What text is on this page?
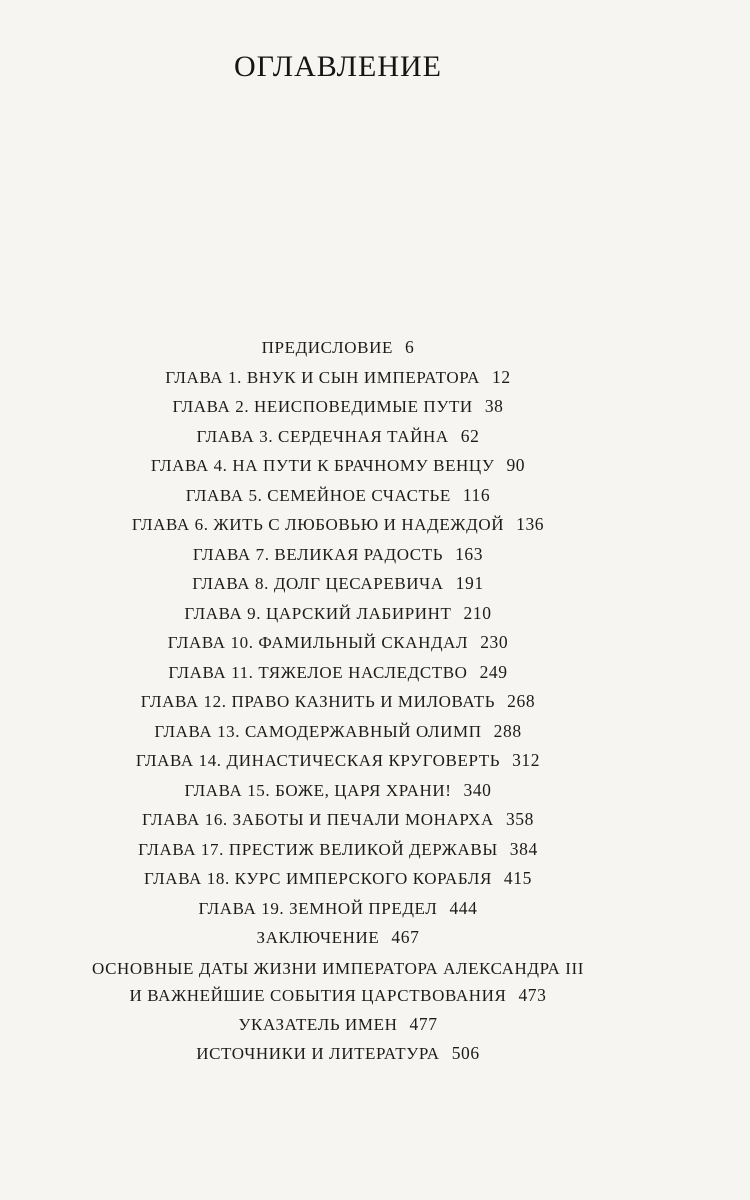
ОГЛАВЛЕНИЕ
ПРЕДИСЛОВИЕ 6
ГЛАВА 1. ВНУК И СЫН ИМПЕРАТОРА 12
ГЛАВА 2. НЕИСПОВЕДИМЫЕ ПУТИ 38
ГЛАВА 3. СЕРДЕЧНАЯ ТАЙНА 62
ГЛАВА 4. НА ПУТИ К БРАЧНОМУ ВЕНЦУ 90
ГЛАВА 5. СЕМЕЙНОЕ СЧАСТЬЕ 116
ГЛАВА 6. ЖИТЬ С ЛЮБОВЬЮ И НАДЕЖДОЙ 136
ГЛАВА 7. ВЕЛИКАЯ РАДОСТЬ 163
ГЛАВА 8. ДОЛГ ЦЕСАРЕВИЧА 191
ГЛАВА 9. ЦАРСКИЙ ЛАБИРИНТ 210
ГЛАВА 10. ФАМИЛЬНЫЙ СКАНДАЛ 230
ГЛАВА 11. ТЯЖЕЛОЕ НАСЛЕДСТВО 249
ГЛАВА 12. ПРАВО КАЗНИТЬ И МИЛОВАТЬ 268
ГЛАВА 13. САМОДЕРЖАВНЫЙ ОЛИМП 288
ГЛАВА 14. ДИНАСТИЧЕСКАЯ КРУГОВЕРТЬ 312
ГЛАВА 15. БОЖЕ, ЦАРЯ ХРАНИ! 340
ГЛАВА 16. ЗАБОТЫ И ПЕЧАЛИ МОНАРХА 358
ГЛАВА 17. ПРЕСТИЖ ВЕЛИКОЙ ДЕРЖАВЫ 384
ГЛАВА 18. КУРС ИМПЕРСКОГО КОРАБЛЯ 415
ГЛАВА 19. ЗЕМНОЙ ПРЕДЕЛ 444
ЗАКЛЮЧЕНИЕ 467
ОСНОВНЫЕ ДАТЫ ЖИЗНИ ИМПЕРАТОРА АЛЕКСАНДРА III
И ВАЖНЕЙШИЕ СОБЫТИЯ ЦАРСТВОВАНИЯ 473
УКАЗАТЕЛЬ ИМЕН 477
ИСТОЧНИКИ И ЛИТЕРАТУРА 506
